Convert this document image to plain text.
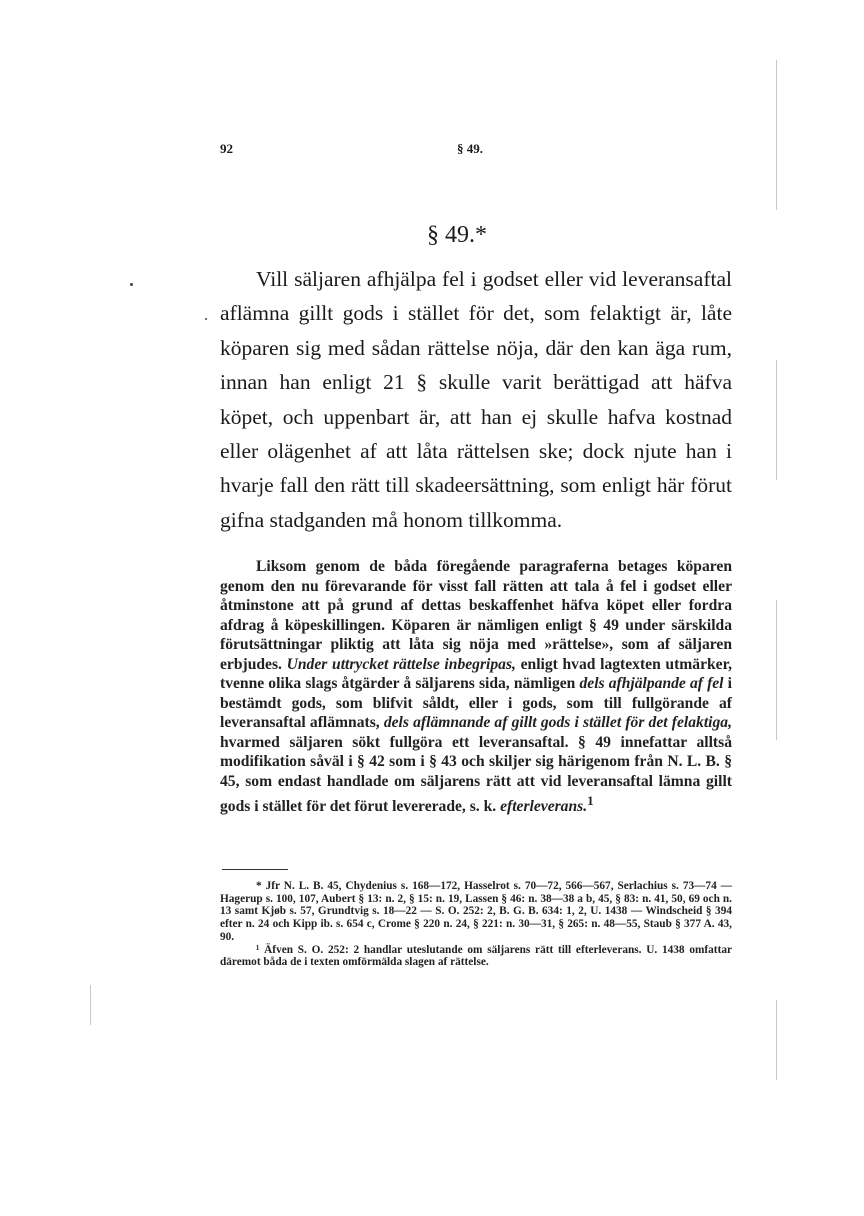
92	§ 49.
§ 49.*

Vill säljaren afhjälpa fel i godset eller vid leveransaftal aflämna gillt gods i stället för det, som felaktigt är, låte köparen sig med sådan rättelse nöja, där den kan äga rum, innan han enligt 21 § skulle varit berättigad att häfva köpet, och uppenbart är, att han ej skulle hafva kostnad eller olägenhet af att låta rättelsen ske; dock njute han i hvarje fall den rätt till skadeersättning, som enligt här förut gifna stadganden må honom tillkomma.

Liksom genom de båda föregående paragraferna betages köparen genom den nu förevarande för visst fall rätten att tala å fel i godset eller åtminstone att på grund af dettas beskaffenhet häfva köpet eller fordra afdrag å köpeskillingen. Köparen är nämligen enligt § 49 under särskilda förutsättningar pliktig att låta sig nöja med »rättelse», som af säljaren erbjudes. Under uttrycket rättelse inbegripas, enligt hvad lagtexten utmärker, tvenne olika slags åtgärder å säljarens sida, nämligen dels afhjälpande af fel i bestämdt gods, som blifvit såldt, eller i gods, som till fullgörande af leveransaftal aflämnats, dels aflämnande af gillt gods i stället för det felaktiga, hvarmed säljaren sökt fullgöra ett leveransaftal. § 49 innefattar alltså modifikation såväl i § 42 som i § 43 och skiljer sig härigenom från N. L. B. § 45, som endast handlade om säljarens rätt att vid leveransaftal lämna gillt gods i stället för det förut levererade, s. k. efterleverans.$^1$

* Jfr N. L. B. 45, Chydenius s. 168—172, Hasselrot s. 70—72, 566—567, Serlachius s. 73—74 — Hagerup s. 100, 107, Aubert § 13: n. 2, § 15: n. 19, Lassen § 46: n. 38—38 a b, 45, § 83: n. 41, 50, 69 och n. 13 samt Kjøb s. 57, Grundtvig s. 18—22 — S. O. 252: 2, B. G. B. 634: 1, 2, U. 1438 — Windscheid § 394 efter n. 24 och Kipp ib. s. 654 c, Crome § 220 n. 24, § 221: n. 30—31, § 265: n. 48—55, Staub § 377 A. 43, 90.

¹ Äfven S. O. 252: 2 handlar uteslutande om säljarens rätt till efterleverans. U. 1438 omfattar däremot båda de i texten omförmälda slagen af rättelse.
